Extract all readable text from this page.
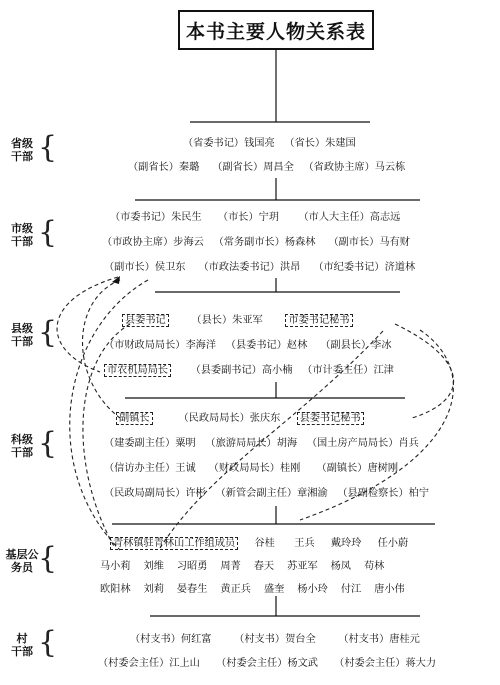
本书主要人物关系表
省级
干部 {
市级
干部 {
县级
干部 {
科级
干部 {
基层公
务员 {
村
干部 {
（省委书记）钱国亮 （省长）朱建国
（副省长）秦璐 （副省长）周昌全 （省政协主席）马云栋
（市委书记）朱民生 （市长）宁玥 （市人大主任）高志远
（市政协主席）步海云 （常务副市长）杨森林 （副市长）马有财
（副市长）侯卫东 （市政法委书记）洪昂 （市纪委书记）济道林
县委书记	（县长）朱亚军	市委书记秘书
（市财政局局长）李海洋 （县委书记）赵林 （副县长）李冰
市农机局局长 （县委副书记）高小楠 （市计委主任）江津
副镇长	（民政局局长）张庆东 县委书记秘书
（建委副主任）粟明 （旅游局局长）胡海 （国土房产局局长）肖兵
（信访办主任）王诚 （财政局局长）桂刚 （副镇长）唐树刚
（民政局副局长）许彬 （新管会副主任）章湘渝 （县副检察长）柏宁
青林镇驻青林山工作组成员 谷桂 王兵 戴玲玲 任小蔚
马小莉 刘维 习昭勇 周菁 春天 苏亚军 杨凤 苟林
欧阳林 刘莉 晏春生 黄正兵 盛奎 杨小玲 付江 唐小伟
（村支书）何红富 （村支书）贺台全 （村支书）唐桂元
（村委会主任）江上山 （村委会主任）杨文武 （村委会主任）蒋大力
